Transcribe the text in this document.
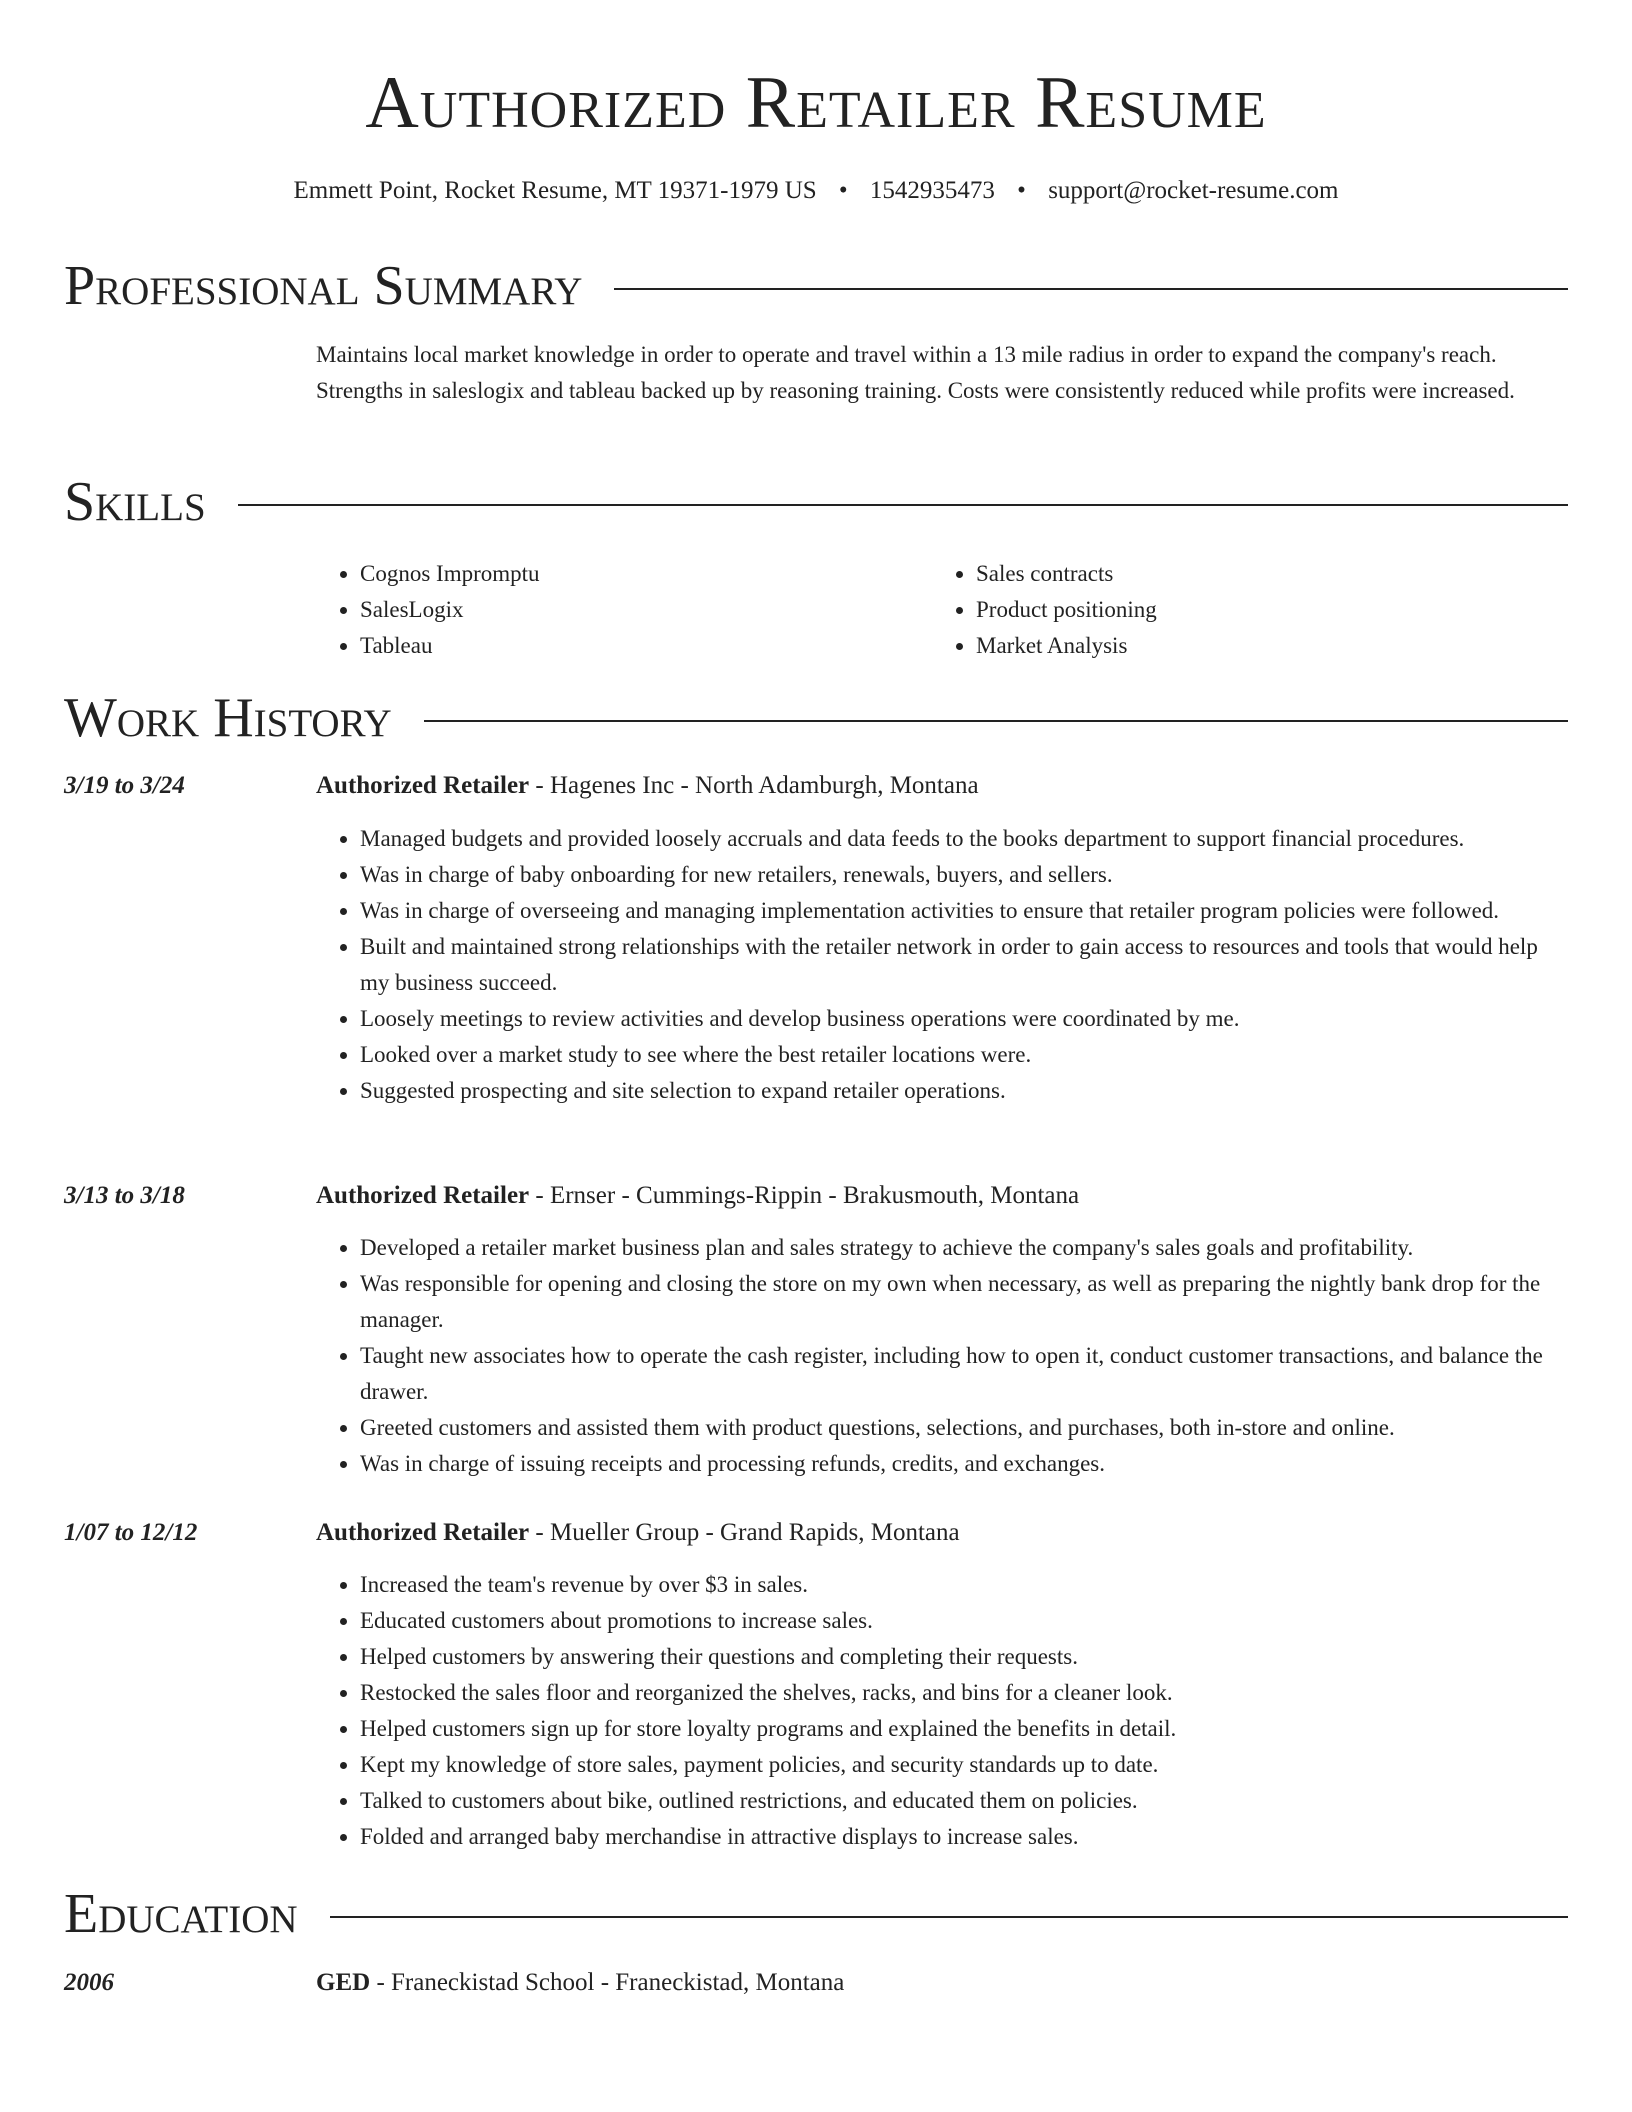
Authorized Retailer Resume
Emmett Point, Rocket Resume, MT 19371-1979 US • 1542935473 • support@rocket-resume.com
Professional Summary

Maintains local market knowledge in order to operate and travel within a 13 mile radius in order to expand the company's reach. Strengths in saleslogix and tableau backed up by reasoning training. Costs were consistently reduced while profits were increased.

Skills
• Cognos Impromptu
• SalesLogix
• Tableau
• Sales contracts
• Product positioning
• Market Analysis
Work History
3/19 to 3/24	Authorized Retailer - Hagenes Inc - North Adamburgh, Montana
• Managed budgets and provided loosely accruals and data feeds to the books department to support financial procedures.
• Was in charge of baby onboarding for new retailers, renewals, buyers, and sellers.
• Was in charge of overseeing and managing implementation activities to ensure that retailer program policies were followed.
• Built and maintained strong relationships with the retailer network in order to gain access to resources and tools that would help my business succeed.
• Loosely meetings to review activities and develop business operations were coordinated by me.
• Looked over a market study to see where the best retailer locations were.
• Suggested prospecting and site selection to expand retailer operations.
3/13 to 3/18	Authorized Retailer - Ernser - Cummings-Rippin - Brakusmouth, Montana
• Developed a retailer market business plan and sales strategy to achieve the company's sales goals and profitability.
• Was responsible for opening and closing the store on my own when necessary, as well as preparing the nightly bank drop for the manager.
• Taught new associates how to operate the cash register, including how to open it, conduct customer transactions, and balance the drawer.
• Greeted customers and assisted them with product questions, selections, and purchases, both in-store and online.
• Was in charge of issuing receipts and processing refunds, credits, and exchanges.
1/07 to 12/12	Authorized Retailer - Mueller Group - Grand Rapids, Montana
• Increased the team's revenue by over $3 in sales.
• Educated customers about promotions to increase sales.
• Helped customers by answering their questions and completing their requests.
• Restocked the sales floor and reorganized the shelves, racks, and bins for a cleaner look.
• Helped customers sign up for store loyalty programs and explained the benefits in detail.
• Kept my knowledge of store sales, payment policies, and security standards up to date.
• Talked to customers about bike, outlined restrictions, and educated them on policies.
• Folded and arranged baby merchandise in attractive displays to increase sales.
Education
2006	GED - Franeckistad School - Franeckistad, Montana
